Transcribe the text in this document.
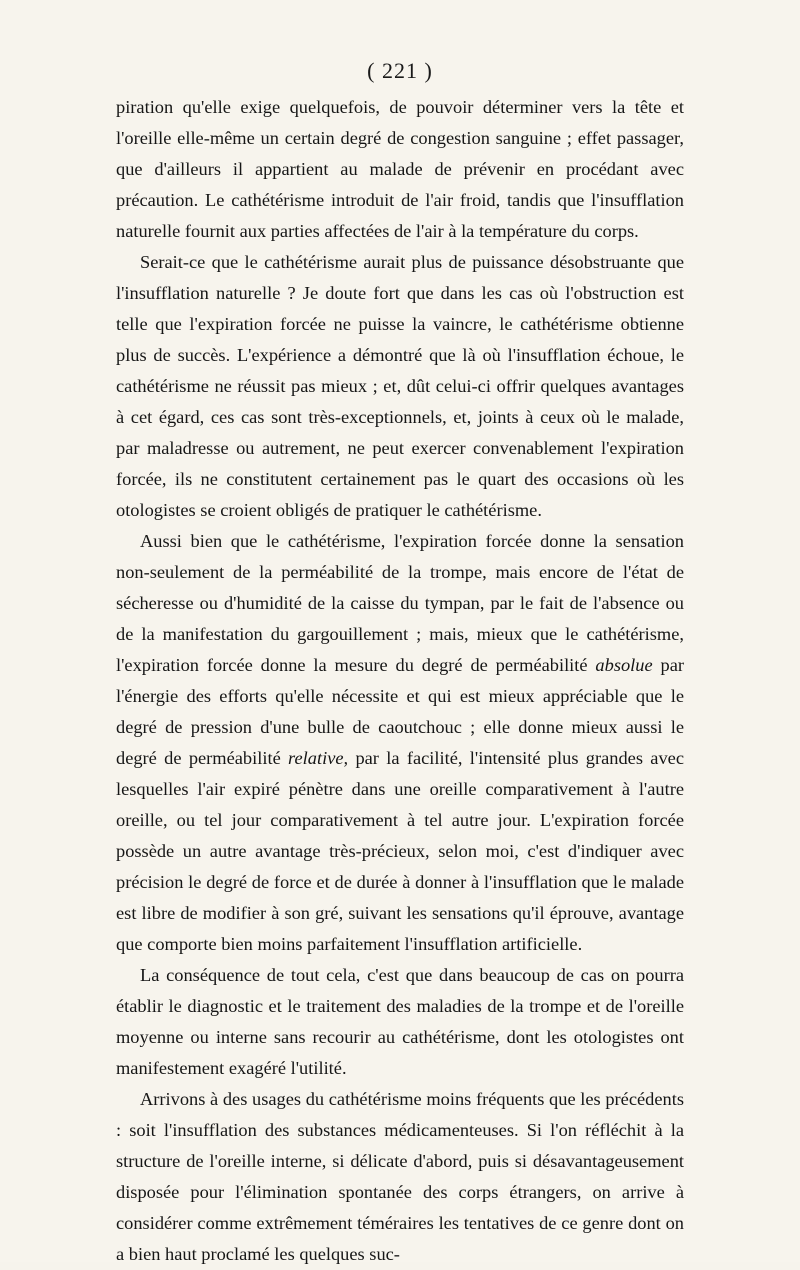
( 221 )

piration qu'elle exige quelquefois, de pouvoir déterminer vers la tête et l'oreille elle-même un certain degré de congestion sanguine ; effet passager, que d'ailleurs il appartient au malade de prévenir en procédant avec précaution. Le cathétérisme introduit de l'air froid, tandis que l'insufflation naturelle fournit aux parties affectées de l'air à la température du corps.

Serait-ce que le cathétérisme aurait plus de puissance désobstruante que l'insufflation naturelle ? Je doute fort que dans les cas où l'obstruction est telle que l'expiration forcée ne puisse la vaincre, le cathétérisme obtienne plus de succès. L'expérience a démontré que là où l'insufflation échoue, le cathétérisme ne réussit pas mieux ; et, dût celui-ci offrir quelques avantages à cet égard, ces cas sont très-exceptionnels, et, joints à ceux où le malade, par maladresse ou autrement, ne peut exercer convenablement l'expiration forcée, ils ne constitutent certainement pas le quart des occasions où les otologistes se croient obligés de pratiquer le cathétérisme.

Aussi bien que le cathétérisme, l'expiration forcée donne la sensation non-seulement de la perméabilité de la trompe, mais encore de l'état de sécheresse ou d'humidité de la caisse du tympan, par le fait de l'absence ou de la manifestation du gargouillement ; mais, mieux que le cathétérisme, l'expiration forcée donne la mesure du degré de perméabilité absolue par l'énergie des efforts qu'elle nécessite et qui est mieux appréciable que le degré de pression d'une bulle de caoutchouc ; elle donne mieux aussi le degré de perméabilité relative, par la facilité, l'intensité plus grandes avec lesquelles l'air expiré pénètre dans une oreille comparativement à l'autre oreille, ou tel jour comparativement à tel autre jour. L'expiration forcée possède un autre avantage très-précieux, selon moi, c'est d'indiquer avec précision le degré de force et de durée à donner à l'insufflation que le malade est libre de modifier à son gré, suivant les sensations qu'il éprouve, avantage que comporte bien moins parfaitement l'insufflation artificielle.

La conséquence de tout cela, c'est que dans beaucoup de cas on pourra établir le diagnostic et le traitement des maladies de la trompe et de l'oreille moyenne ou interne sans recourir au cathétérisme, dont les otologistes ont manifestement exagéré l'utilité.

Arrivons à des usages du cathétérisme moins fréquents que les précédents : soit l'insufflation des substances médicamenteuses. Si l'on réfléchit à la structure de l'oreille interne, si délicate d'abord, puis si désavantageusement disposée pour l'élimination spontanée des corps étrangers, on arrive à considérer comme extrêmement téméraires les tentatives de ce genre dont on a bien haut proclamé les quelques suc-
